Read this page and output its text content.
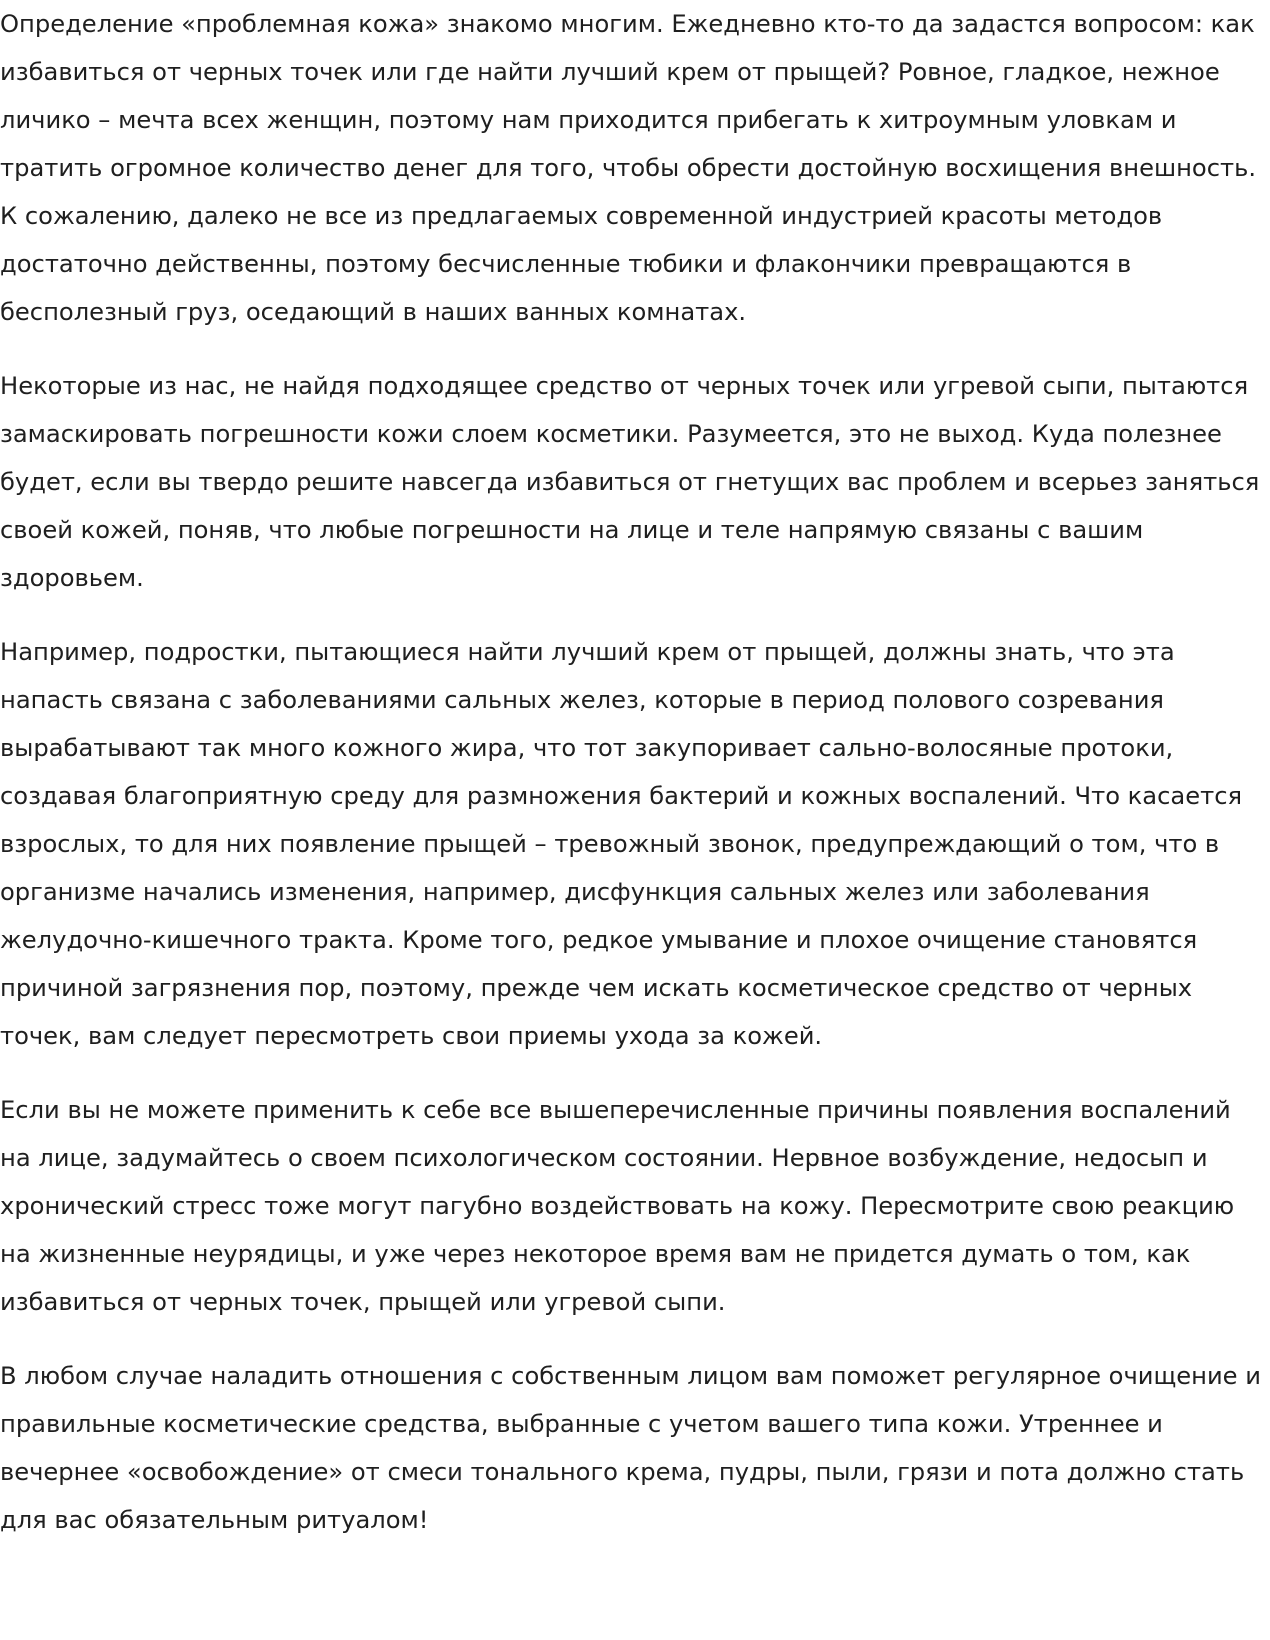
Определение «проблемная кожа» знакомо многим. Ежедневно кто-то да задастся вопросом: как избавиться от черных точек или где найти лучший крем от прыщей? Ровное, гладкое, нежное личико – мечта всех женщин, поэтому нам приходится прибегать к хитроумным уловкам и тратить огромное количество денег для того, чтобы обрести достойную восхищения внешность. К сожалению, далеко не все из предлагаемых современной индустрией красоты методов достаточно действенны, поэтому бесчисленные тюбики и флакончики превращаются в бесполезный груз, оседающий в наших ванных комнатах.

Некоторые из нас, не найдя подходящее средство от черных точек или угревой сыпи, пытаются замаскировать погрешности кожи слоем косметики. Разумеется, это не выход. Куда полезнее будет, если вы твердо решите навсегда избавиться от гнетущих вас проблем и всерьез заняться своей кожей, поняв, что любые погрешности на лице и теле напрямую связаны с вашим здоровьем.

Например, подростки, пытающиеся найти лучший крем от прыщей, должны знать, что эта напасть связана с заболеваниями сальных желез, которые в период полового созревания вырабатывают так много кожного жира, что тот закупоривает сально-волосяные протоки, создавая благоприятную среду для размножения бактерий и кожных воспалений. Что касается взрослых, то для них появление прыщей – тревожный звонок, предупреждающий о том, что в организме начались изменения, например, дисфункция сальных желез или заболевания желудочно-кишечного тракта. Кроме того, редкое умывание и плохое очищение становятся причиной загрязнения пор, поэтому, прежде чем искать косметическое средство от черных точек, вам следует пересмотреть свои приемы ухода за кожей.

Если вы не можете применить к себе все вышеперечисленные причины появления воспалений на лице, задумайтесь о своем психологическом состоянии. Нервное возбуждение, недосып и хронический стресс тоже могут пагубно воздействовать на кожу. Пересмотрите свою реакцию на жизненные неурядицы, и уже через некоторое время вам не придется думать о том, как избавиться от черных точек, прыщей или угревой сыпи.

В любом случае наладить отношения с собственным лицом вам поможет регулярное очищение и правильные косметические средства, выбранные с учетом вашего типа кожи. Утреннее и вечернее «освобождение» от смеси тонального крема, пудры, пыли, грязи и пота должно стать для вас обязательным ритуалом!
